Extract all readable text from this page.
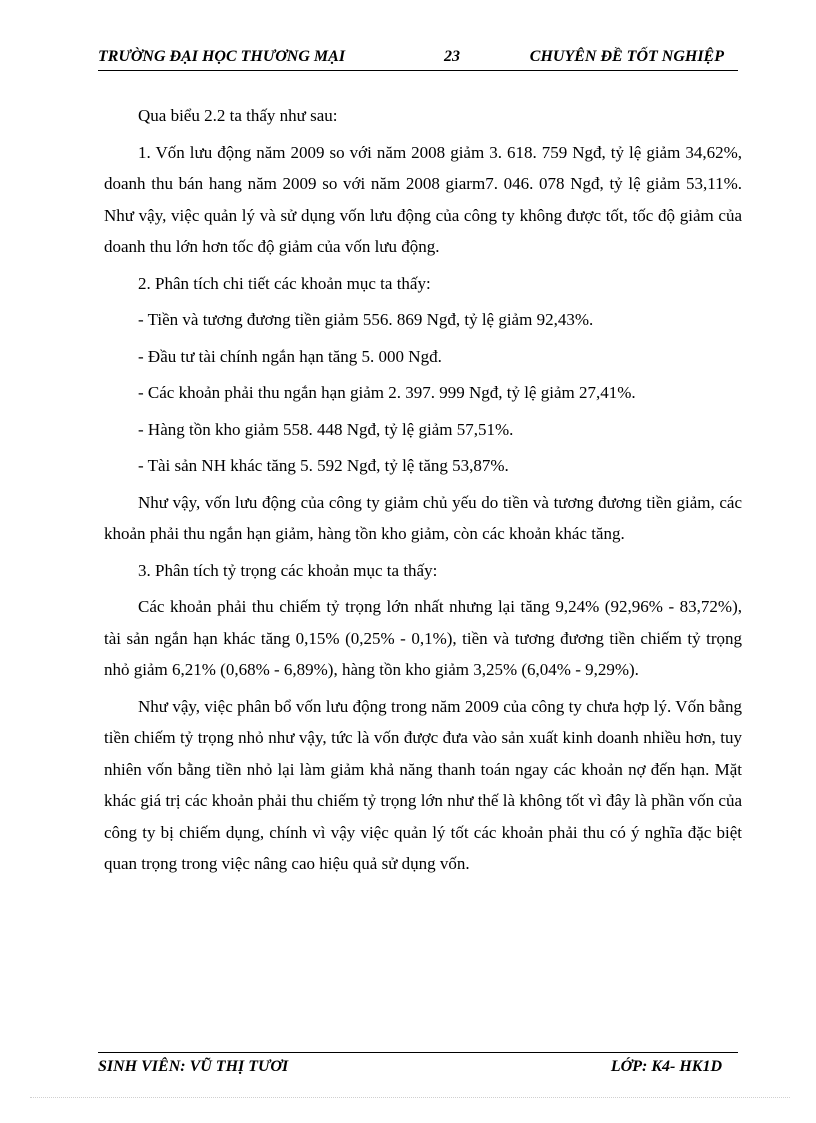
TRƯỜNG ĐẠI HỌC THƯƠNG MẠI	23	CHUYÊN ĐỀ TỐT NGHIỆP

Qua biểu 2.2 ta thấy như sau:

1. Vốn lưu động năm 2009 so với năm 2008 giảm 3. 618. 759 Ngđ, tỷ lệ giảm 34,62%, doanh thu bán hang năm 2009 so với năm 2008 giarm7. 046. 078 Ngđ, tỷ lệ giảm 53,11%. Như vậy, việc quản lý và sử dụng vốn lưu động của công ty không được tốt, tốc độ giảm của doanh thu lớn hơn tốc độ giảm của vốn lưu động.

2. Phân tích chi tiết các khoản mục ta thấy:

- Tiền và tương đương tiền giảm 556. 869 Ngđ, tỷ lệ giảm 92,43%.

- Đầu tư tài chính ngắn hạn tăng 5. 000 Ngđ.

- Các khoản phải thu ngắn hạn giảm 2. 397. 999 Ngđ, tỷ lệ giảm 27,41%.

- Hàng tồn kho giảm 558. 448 Ngđ, tỷ lệ giảm 57,51%.

- Tài sản NH khác tăng 5. 592 Ngđ, tỷ lệ tăng 53,87%.

Như vậy, vốn lưu động của công ty giảm chủ yếu do tiền và tương đương tiền giảm, các khoản phải thu ngắn hạn giảm, hàng tồn kho giảm, còn các khoản khác tăng.

3. Phân tích tỷ trọng các khoản mục ta thấy:

Các khoản phải thu chiếm tỷ trọng lớn nhất nhưng lại tăng 9,24% (92,96% - 83,72%), tài sản ngắn hạn khác tăng 0,15% (0,25% - 0,1%), tiền và tương đương tiền chiếm tỷ trọng nhỏ giảm 6,21% (0,68% - 6,89%), hàng tồn kho giảm 3,25% (6,04% - 9,29%).

Như vậy, việc phân bổ vốn lưu động trong năm 2009 của công ty chưa hợp lý. Vốn bằng tiền chiếm tỷ trọng nhỏ như vậy, tức là vốn được đưa vào sản xuất kinh doanh nhiều hơn, tuy nhiên vốn bằng tiền nhỏ lại làm giảm khả năng thanh toán ngay các khoản nợ đến hạn. Mặt khác giá trị các khoản phải thu chiếm tỷ trọng lớn như thế là không tốt vì đây là phần vốn của công ty bị chiếm dụng, chính vì vậy việc quản lý tốt các khoản phải thu có ý nghĩa đặc biệt quan trọng trong việc nâng cao hiệu quả sử dụng vốn.

SINH VIÊN: VŨ THỊ TƯƠI	LỚP: K4- HK1D
